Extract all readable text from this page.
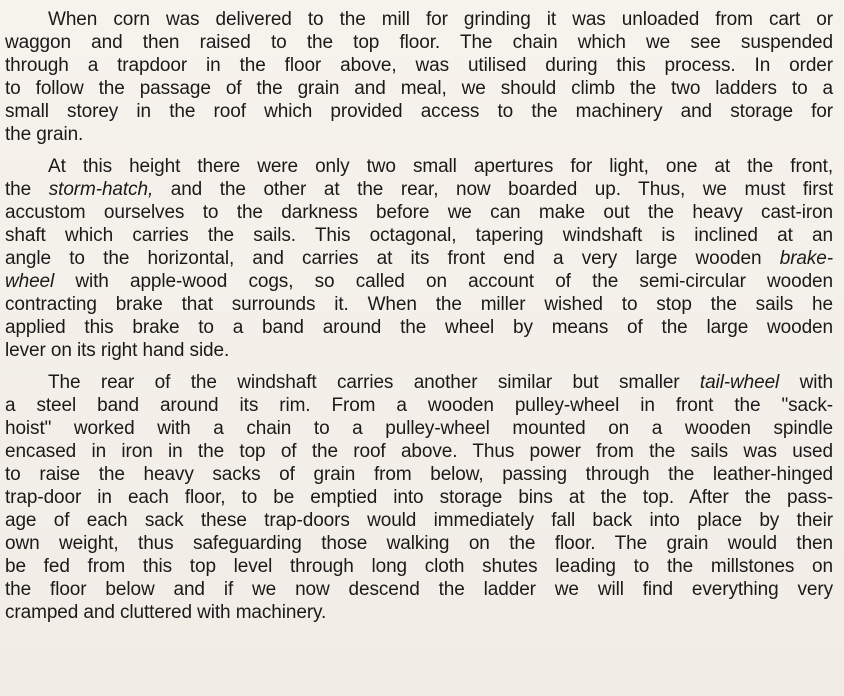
When corn was delivered to the mill for grinding it was unloaded from cart or
waggon and then raised to the top floor. The chain which we see suspended
through a trapdoor in the floor above, was utilised during this process. In order
to follow the passage of the grain and meal, we should climb the two ladders to a
small storey in the roof which provided access to the machinery and storage for
the grain.
At this height there were only two small apertures for light, one at the front,
the storm-hatch, and the other at the rear, now boarded up. Thus, we must first
accustom ourselves to the darkness before we can make out the heavy cast-iron
shaft which carries the sails. This octagonal, tapering windshaft is inclined at an
angle to the horizontal, and carries at its front end a very large wooden brake-
wheel with apple-wood cogs, so called on account of the semi-circular wooden
contracting brake that surrounds it. When the miller wished to stop the sails he
applied this brake to a band around the wheel by means of the large wooden
lever on its right hand side.
The rear of the windshaft carries another similar but smaller tail-wheel with
a steel band around its rim. From a wooden pulley-wheel in front the "sack-
hoist" worked with a chain to a pulley-wheel mounted on a wooden spindle
encased in iron in the top of the roof above. Thus power from the sails was used
to raise the heavy sacks of grain from below, passing through the leather-hinged
trap-door in each floor, to be emptied into storage bins at the top. After the pass-
age of each sack these trap-doors would immediately fall back into place by their
own weight, thus safeguarding those walking on the floor. The grain would then
be fed from this top level through long cloth shutes leading to the millstones on
the floor below and if we now descend the ladder we will find everything very
cramped and cluttered with machinery.
